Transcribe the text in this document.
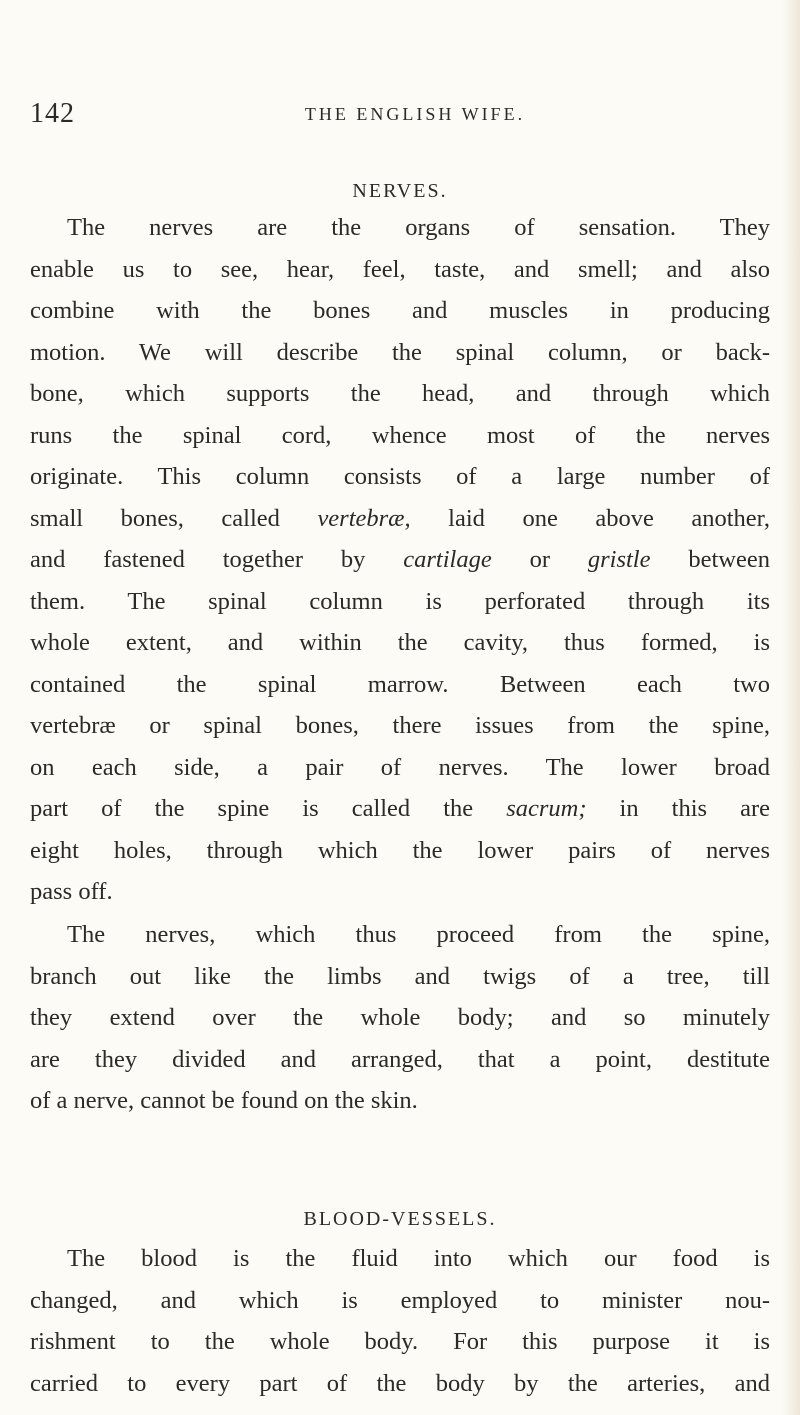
142	THE ENGLISH WIFE.
NERVES.
The nerves are the organs of sensation. They
enable us to see, hear, feel, taste, and smell; and also
combine with the bones and muscles in producing
motion. We will describe the spinal column, or back-
bone, which supports the head, and through which
runs the spinal cord, whence most of the nerves
originate. This column consists of a large number of
small bones, called vertebræ, laid one above another,
and fastened together by cartilage or gristle between
them. The spinal column is perforated through its
whole extent, and within the cavity, thus formed, is
contained the spinal marrow. Between each two
vertebræ or spinal bones, there issues from the spine,
on each side, a pair of nerves. The lower broad
part of the spine is called the sacrum; in this are
eight holes, through which the lower pairs of nerves
pass off.
The nerves, which thus proceed from the spine,
branch out like the limbs and twigs of a tree, till
they extend over the whole body; and so minutely
are they divided and arranged, that a point, destitute
of a nerve, cannot be found on the skin.
BLOOD-VESSELS.
The blood is the fluid into which our food is
changed, and which is employed to minister nou-
rishment to the whole body. For this purpose it is
carried to every part of the body by the arteries, and
